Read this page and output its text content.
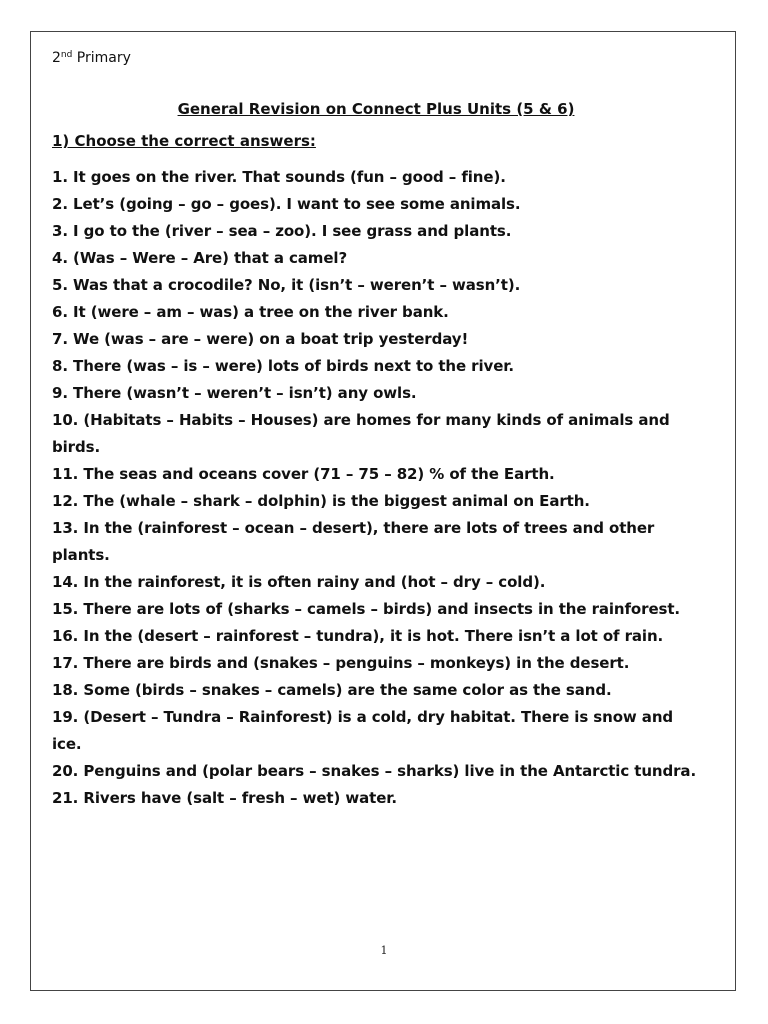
2nd Primary
General Revision on Connect Plus Units (5 & 6)
1) Choose the correct answers:
1. It goes on the river. That sounds (fun – good – fine).
2. Let’s (going – go – goes). I want to see some animals.
3. I go to the (river – sea – zoo). I see grass and plants.
4. (Was – Were – Are) that a camel?
5. Was that a crocodile? No, it (isn’t – weren’t – wasn’t).
6. It (were – am – was) a tree on the river bank.
7. We (was – are – were) on a boat trip yesterday!
8. There (was – is – were) lots of birds next to the river.
9. There (wasn’t – weren’t – isn’t) any owls.
10. (Habitats – Habits – Houses) are homes for many kinds of animals and birds.
11. The seas and oceans cover (71 – 75 – 82) % of the Earth.
12. The (whale – shark – dolphin) is the biggest animal on Earth.
13. In the (rainforest – ocean – desert), there are lots of trees and other plants.
14. In the rainforest, it is often rainy and (hot – dry – cold).
15. There are lots of (sharks – camels – birds) and insects in the rainforest.
16. In the (desert – rainforest – tundra), it is hot. There isn’t a lot of rain.
17. There are birds and (snakes – penguins – monkeys) in the desert.
18. Some (birds – snakes – camels) are the same color as the sand.
19. (Desert – Tundra – Rainforest) is a cold, dry habitat. There is snow and ice.
20. Penguins and (polar bears – snakes – sharks) live in the Antarctic tundra.
21. Rivers have (salt – fresh – wet) water.
1
